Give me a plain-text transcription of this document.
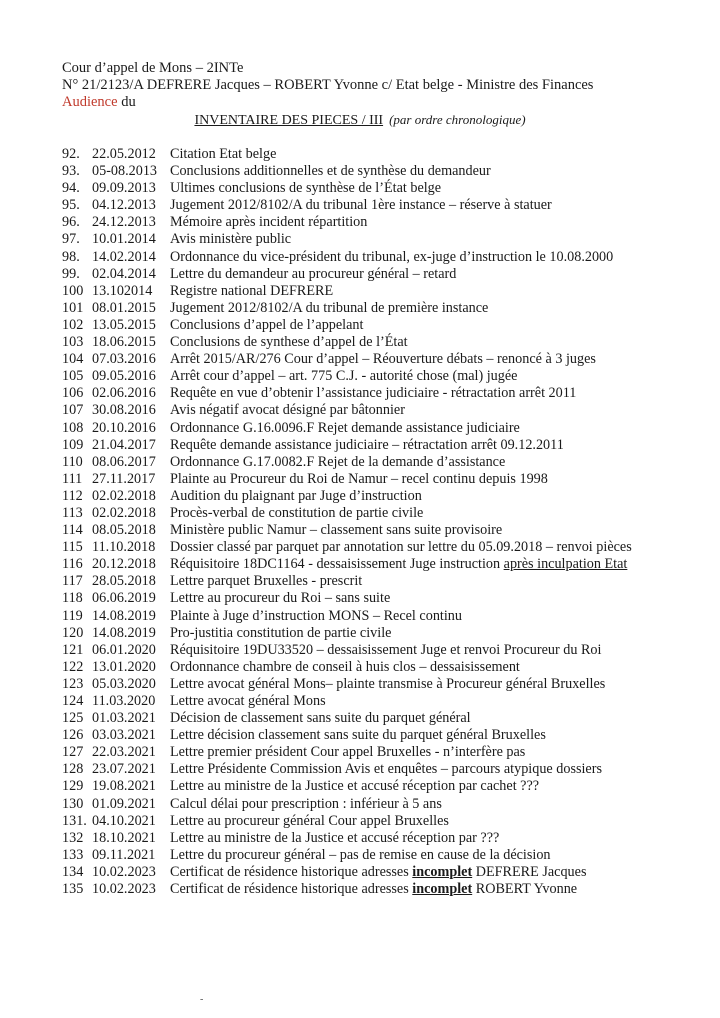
Cour d’appel de Mons – 2INTe
N° 21/2123/A DEFRERE Jacques – ROBERT Yvonne c/ Etat belge - Ministre des Finances
Audience du
INVENTAIRE DES PIECES / III (par ordre chronologique)
92. 22.05.2012 Citation Etat belge
93. 05-08.2013 Conclusions additionnelles et de synthèse du demandeur
94. 09.09.2013 Ultimes conclusions de synthèse de l’État belge
95. 04.12.2013 Jugement 2012/8102/A du tribunal 1ère instance – réserve à statuer
96. 24.12.2013 Mémoire après incident répartition
97. 10.01.2014 Avis ministère public
98. 14.02.2014 Ordonnance du vice-président du tribunal, ex-juge d’instruction le 10.08.2000
99. 02.04.2014 Lettre du demandeur au procureur général – retard
100 13.102014	Registre national DEFRERE
101 08.01.2015 Jugement 2012/8102/A du tribunal de première instance
102 13.05.2015 Conclusions d’appel de l’appelant
103 18.06.2015 Conclusions de synthese d’appel de l’État
104 07.03.2016 Arrêt 2015/AR/276 Cour d’appel – Réouverture débats – renoncé à 3 juges
105 09.05.2016 Arrêt cour d’appel – art. 775 C.J. - autorité chose (mal) jugée
106 02.06.2016 Requête en vue d’obtenir l’assistance judiciaire - rétractation arrêt 2011
107 30.08.2016 Avis négatif avocat désigné par bâtonnier
108 20.10.2016 Ordonnance G.16.0096.F Rejet demande assistance judiciaire
109 21.04.2017 Requête demande assistance judiciaire – rétractation arrêt 09.12.2011
110 08.06.2017 Ordonnance G.17.0082.F Rejet de la demande d’assistance
111 27.11.2017	Plainte au Procureur du Roi de Namur – recel continu depuis 1998
112 02.02.2018 Audition du plaignant par Juge d’instruction
113 02.02.2018 Procès-verbal de constitution de partie civile
114 08.05.2018 Ministère public Namur – classement sans suite provisoire
115 11.10.2018	Dossier classé par parquet par annotation sur lettre du 05.09.2018 – renvoi pièces
116 20.12.2018 Réquisitoire 18DC1164 - dessaisissement Juge instruction après inculpation Etat
117 28.05.2018 Lettre parquet Bruxelles - prescrit
118 06.06.2019 Lettre au procureur du Roi – sans suite
119 14.08.2019 Plainte à Juge d’instruction MONS – Recel continu
120 14.08.2019 Pro-justitia constitution de partie civile
121 06.01.2020 Réquisitoire 19DU33520 – dessaisissement Juge et renvoi Procureur du Roi
122 13.01.2020 Ordonnance chambre de conseil à huis clos – dessaisissement
123 05.03.2020 Lettre avocat général Mons– plainte transmise à Procureur général Bruxelles
124 11.03.2020	Lettre avocat général Mons
125 01.03.2021 Décision de classement sans suite du parquet général
126 03.03.2021 Lettre décision classement sans suite du parquet général Bruxelles
127 22.03.2021 Lettre premier président Cour appel Bruxelles - n’interfère pas
128 23.07.2021 Lettre Présidente Commission Avis et enquêtes – parcours atypique dossiers
129 19.08.2021 Lettre au ministre de la Justice et accusé réception par cachet ???
130 01.09.2021 Calcul délai pour prescription : inférieur à 5 ans
131. 04.10.2021 Lettre au procureur général Cour appel Bruxelles
132 18.10.2021 Lettre au ministre de la Justice et accusé réception par ???
133 09.11.2021	Lettre du procureur général – pas de remise en cause de la décision
134 10.02.2023 Certificat de résidence historique adresses incomplet DEFRERE Jacques
135 10.02.2023 Certificat de résidence historique adresses incomplet ROBERT Yvonne
-
